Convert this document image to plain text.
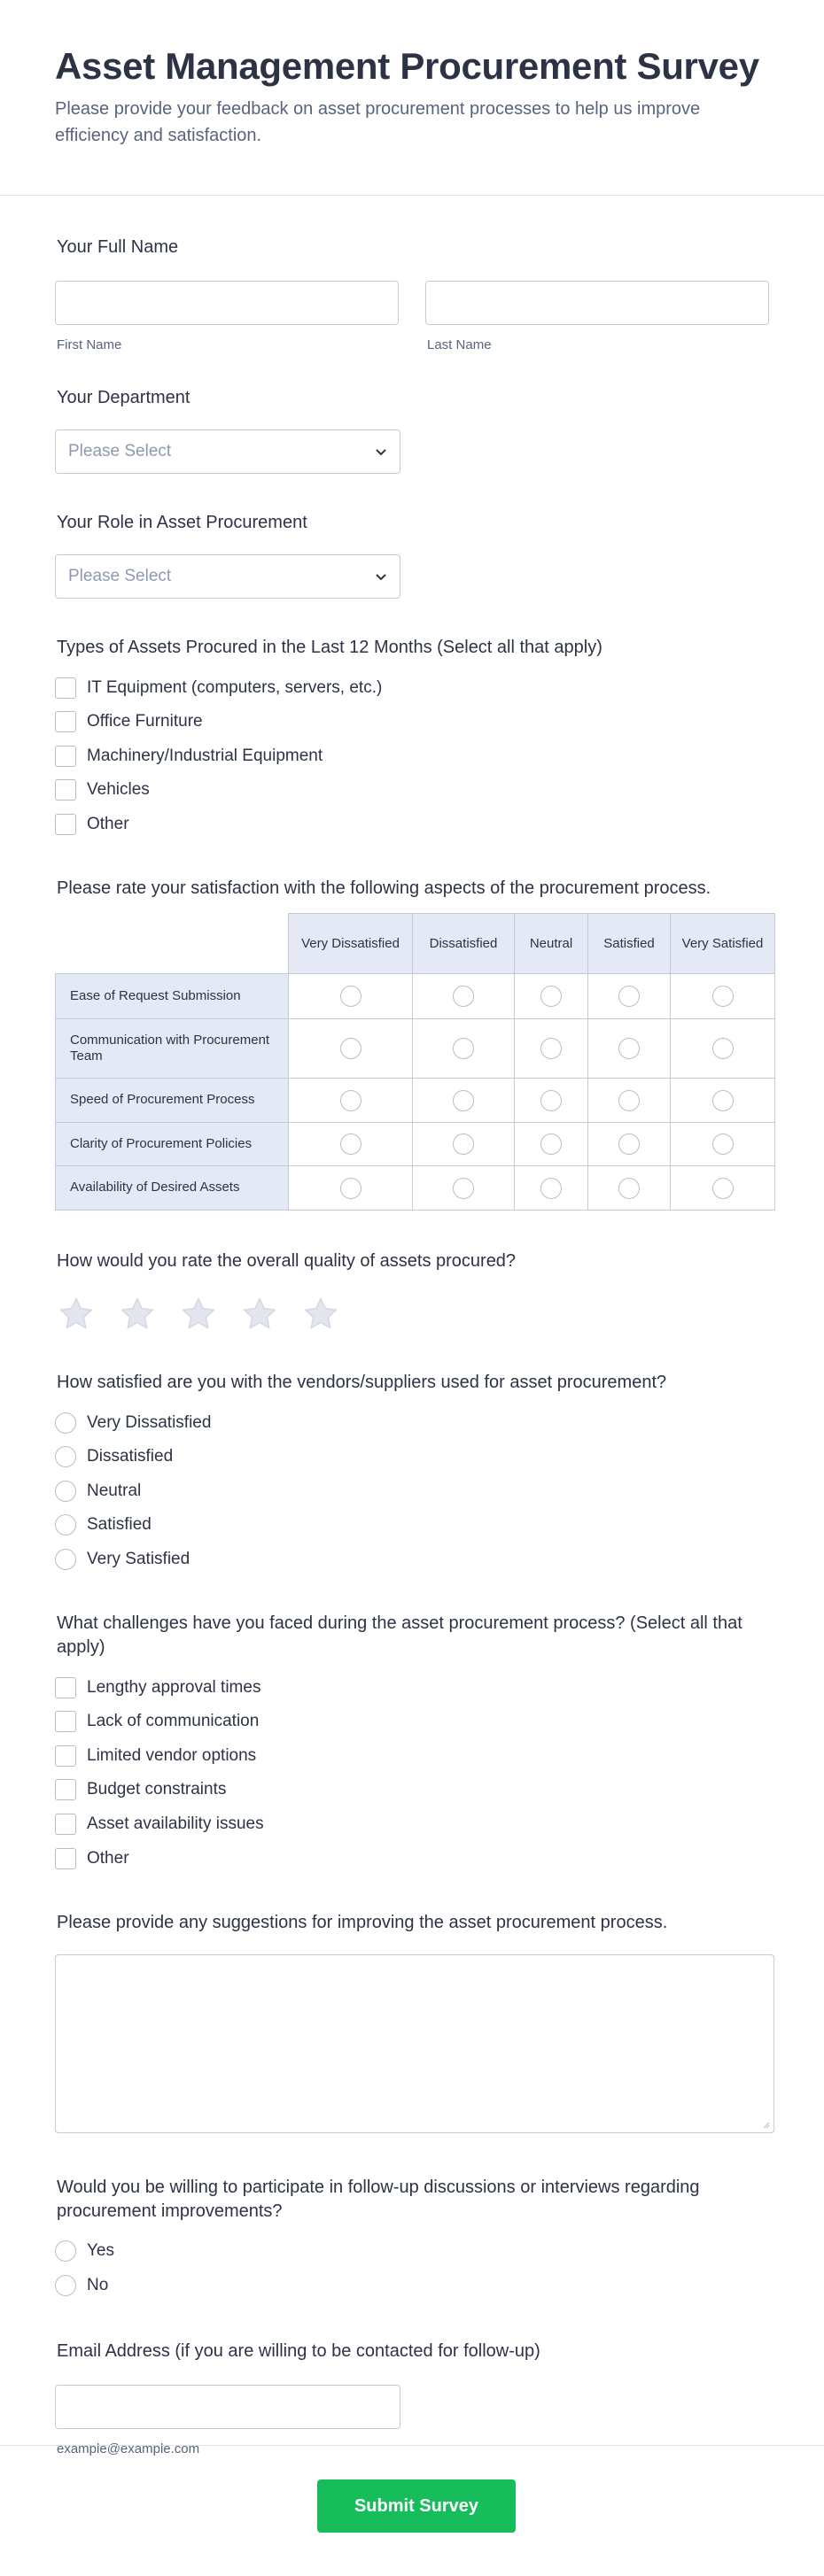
Asset Management Procurement Survey
Please provide your feedback on asset procurement processes to help us improve efficiency and satisfaction.
Your Full Name
First Name	Last Name
Your Department
Please Select
Your Role in Asset Procurement
Please Select
Types of Assets Procured in the Last 12 Months (Select all that apply)
IT Equipment (computers, servers, etc.)
Office Furniture
Machinery/Industrial Equipment
Vehicles
Other
Please rate your satisfaction with the following aspects of the procurement process.
	Very Dissatisfied	Dissatisfied	Neutral	Satisfied	Very Satisfied
Ease of Request Submission					
Communication with Procurement Team					
Speed of Procurement Process					
Clarity of Procurement Policies					
Availability of Desired Assets					
How would you rate the overall quality of assets procured?
How satisfied are you with the vendors/suppliers used for asset procurement?
Very Dissatisfied
Dissatisfied
Neutral
Satisfied
Very Satisfied
What challenges have you faced during the asset procurement process? (Select all that apply)
Lengthy approval times
Lack of communication
Limited vendor options
Budget constraints
Asset availability issues
Other
Please provide any suggestions for improving the asset procurement process.
Would you be willing to participate in follow-up discussions or interviews regarding procurement improvements?
Yes
No
Email Address (if you are willing to be contacted for follow-up)
example@example.com
Submit Survey
